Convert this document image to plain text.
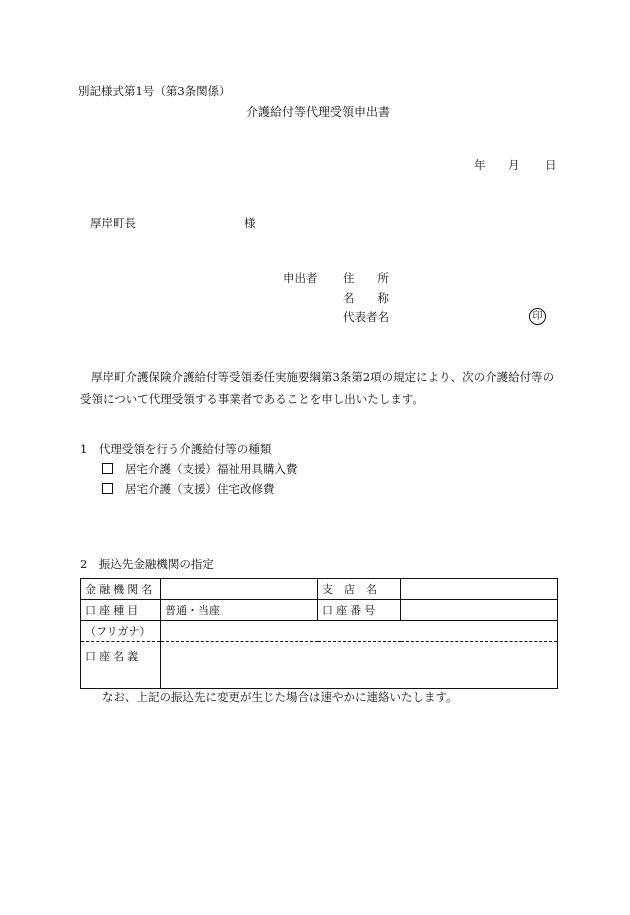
別記様式第1号（第3条関係）
介護給付等代理受領申出書
年 月 日
厚岸町長	様
申出者 住　　所
名　　称
代表者名	印
厚岸町介護保険介護給付等受領委任実施要綱第3条第2項の規定により、次の介護給付等の受領について代理受領する事業者であることを申し出いたします。
1　代理受領を行う介護給付等の種類
居宅介護（支援）福祉用具購入費
居宅介護（支援）住宅改修費
2　振込先金融機関の指定
金融機関名		支　店　名	
口座種目	普通・当座	口座番号	
（フリガナ）			
口座名義			
なお、上記の振込先に変更が生じた場合は速やかに連絡いたします。
